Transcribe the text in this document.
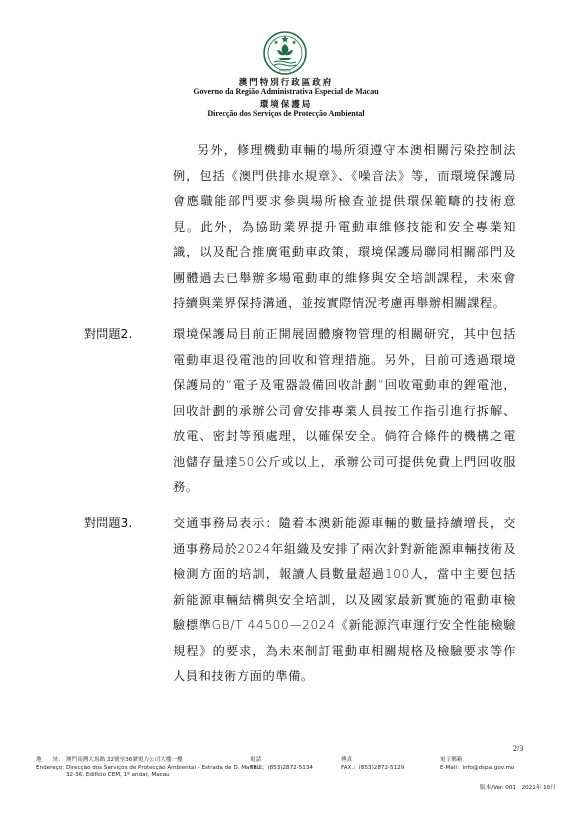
MACAU
澳門特別行政區政府
Governo da Região Administrativa Especial de Macau
環境保護局
Direcção dos Serviços de Protecção Ambiental

另外，修理機動車輛的場所須遵守本澳相關污染控制法例，包括《澳門供排水規章》、《噪音法》等，而環境保護局會應職能部門要求參與場所檢查並提供環保範疇的技術意見。此外，為協助業界提升電動車維修技能和安全專業知識，以及配合推廣電動車政策，環境保護局聯同相關部門及團體過去已舉辦多場電動車的維修與安全培訓課程，未來會持續與業界保持溝通，並按實際情況考慮再舉辦相關課程。

對問題2.	環境保護局目前正開展固體廢物管理的相關研究，其中包括電動車退役電池的回收和管理措施。另外，目前可透過環境保護局的“電子及電器設備回收計劃”回收電動車的鋰電池，回收計劃的承辦公司會安排專業人員按工作指引進行拆解、放電、密封等預處理，以確保安全。倘符合條件的機構之電池儲存量達50公斤或以上，承辦公司可提供免費上門回收服務。

對問題3.	交通事務局表示：隨着本澳新能源車輛的數量持續增長，交通事務局於2024年組織及安排了兩次針對新能源車輛技術及檢測方面的培訓，報讀人員數量超過100人，當中主要包括新能源車輛結構與安全培訓，以及國家最新實施的電動車檢驗標準GB/T 44500—2024《新能源汽車運行安全性能檢驗規程》的要求，為未來制訂電動車相關規格及檢驗要求等作人員和技術方面的準備。

2/3
地　　址：
Endereço：
澳門南灣大馬路 32號至36號電力公司大樓一樓
Direcção dos Serviços de Protecção Ambiental - Estrada de D. Maria II,
32-36, Edifício CEM, 1º andar, Macau
電話
TEL.：(853)2872-5134
傳真
FAX.：(853)2872-5129
電子郵箱
E-Mail：info@dspa.gov.mo
版本/Ver. 001　2021年 10月
